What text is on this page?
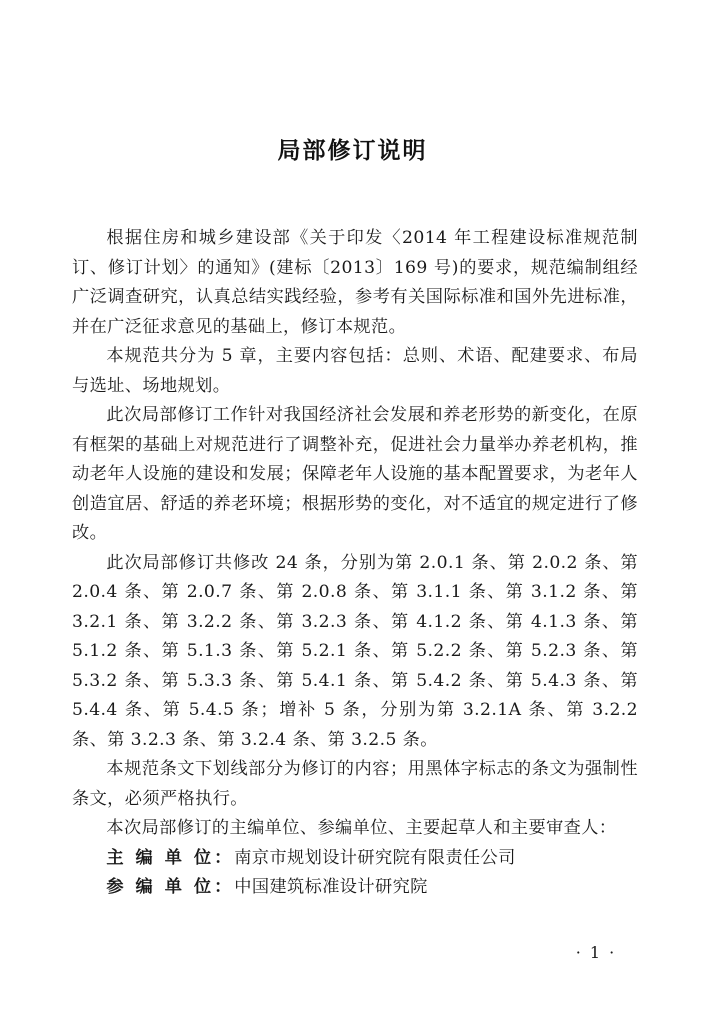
局部修订说明

根据住房和城乡建设部《关于印发〈2014 年工程建设标准规范制订、修订计划〉的通知》(建标〔2013〕169 号)的要求，规范编制组经广泛调查研究，认真总结实践经验，参考有关国际标准和国外先进标准，并在广泛征求意见的基础上，修订本规范。

本规范共分为 5 章，主要内容包括：总则、术语、配建要求、布局与选址、场地规划。

此次局部修订工作针对我国经济社会发展和养老形势的新变化，在原有框架的基础上对规范进行了调整补充，促进社会力量举办养老机构，推动老年人设施的建设和发展；保障老年人设施的基本配置要求，为老年人创造宜居、舒适的养老环境；根据形势的变化，对不适宜的规定进行了修改。

此次局部修订共修改 24 条，分别为第 2.0.1 条、第 2.0.2 条、第 2.0.4 条、第 2.0.7 条、第 2.0.8 条、第 3.1.1 条、第 3.1.2 条、第 3.2.1 条、第 3.2.2 条、第 3.2.3 条、第 4.1.2 条、第 4.1.3 条、第 5.1.2 条、第 5.1.3 条、第 5.2.1 条、第 5.2.2 条、第 5.2.3 条、第 5.3.2 条、第 5.3.3 条、第 5.4.1 条、第 5.4.2 条、第 5.4.3 条、第 5.4.4 条、第 5.4.5 条；增补 5 条，分别为第 3.2.1A 条、第 3.2.2 条、第 3.2.3 条、第 3.2.4 条、第 3.2.5 条。

本规范条文下划线部分为修订的内容；用黑体字标志的条文为强制性条文，必须严格执行。

本次局部修订的主编单位、参编单位、主要起草人和主要审查人：

主 编 单 位：南京市规划设计研究院有限责任公司
参 编 单 位：中国建筑标准设计研究院
· 1 ·
